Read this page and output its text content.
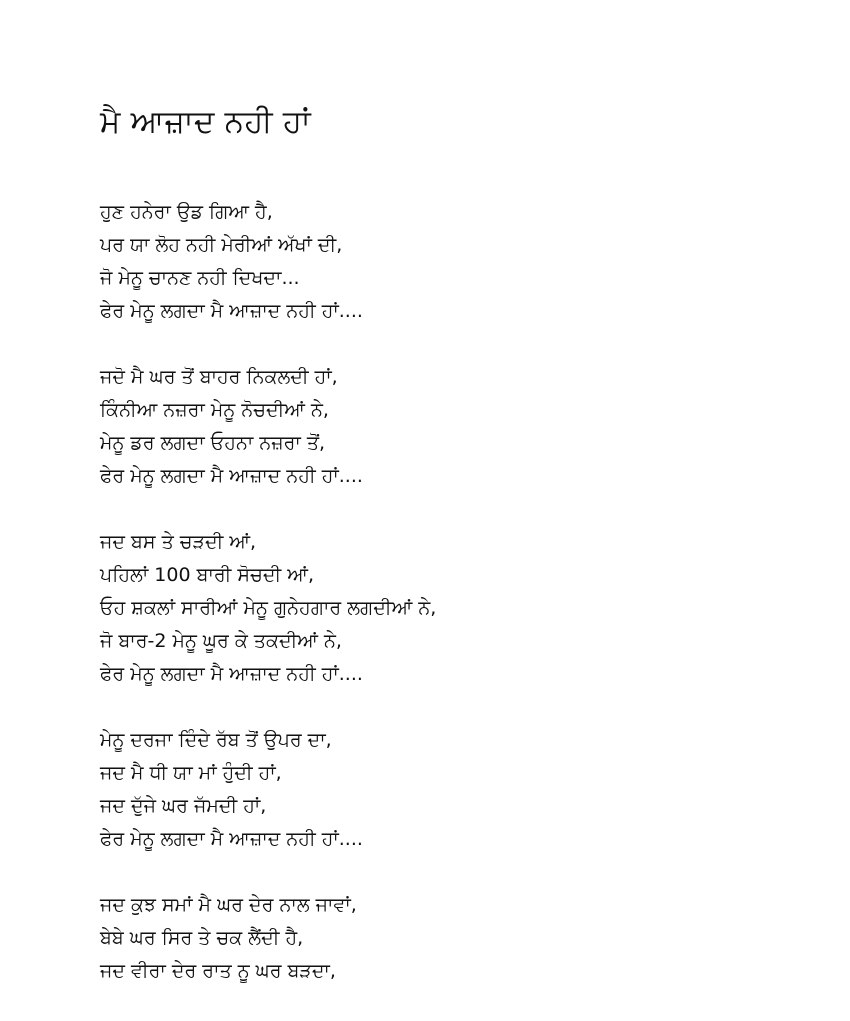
ਮੈ ਆਜ਼ਾਦ ਨਹੀ ਹਾਂ
ਹੁਣ ਹਨੇਰਾ ਉਡ ਗਿਆ ਹੈ,
ਪਰ ਯਾ ਲੋਹ ਨਹੀ ਮੇਰੀਆਂ ਅੱਖਾਂ ਦੀ,
ਜੋ ਮੇਨੂ ਚਾਨਣ ਨਹੀ ਦਿਖਦਾ...
ਫੇਰ ਮੇਨੂ ਲਗਦਾ ਮੈ ਆਜ਼ਾਦ ਨਹੀ ਹਾਂ....
ਜਦੋ ਮੈ ਘਰ ਤੋਂ ਬਾਹਰ ਨਿਕਲਦੀ ਹਾਂ,
ਕਿੰਨੀਆ ਨਜ਼ਰਾ ਮੇਨੂ ਨੋਚਦੀਆਂ ਨੇ,
ਮੇਨੂ ਡਰ ਲਗਦਾ ਓਹਨਾ ਨਜ਼ਰਾ ਤੋਂ,
ਫੇਰ ਮੇਨੂ ਲਗਦਾ ਮੈ ਆਜ਼ਾਦ ਨਹੀ ਹਾਂ....
ਜਦ ਬਸ ਤੇ ਚੜਦੀ ਆਂ,
ਪਹਿਲਾਂ 100 ਬਾਰੀ ਸੋਚਦੀ ਆਂ,
ਓਹ ਸ਼ਕਲਾਂ ਸਾਰੀਆਂ ਮੇਨੂ ਗੁਨੇਹਗਾਰ ਲਗਦੀਆਂ ਨੇ,
ਜੋ ਬਾਰ-2 ਮੇਨੂ ਘੂਰ ਕੇ ਤਕਦੀਆਂ ਨੇ,
ਫੇਰ ਮੇਨੂ ਲਗਦਾ ਮੈ ਆਜ਼ਾਦ ਨਹੀ ਹਾਂ....
ਮੇਨੂ ਦਰਜਾ ਦਿੰਦੇ ਰੱਬ ਤੋਂ ਉਪਰ ਦਾ,
ਜਦ ਮੈ ਧੀ ਯਾ ਮਾਂ ਹੁੰਦੀ ਹਾਂ,
ਜਦ ਦੁੱਜੇ ਘਰ ਜੱਮਦੀ ਹਾਂ,
ਫੇਰ ਮੇਨੂ ਲਗਦਾ ਮੈ ਆਜ਼ਾਦ ਨਹੀ ਹਾਂ....
ਜਦ ਕੁਝ ਸਮਾਂ ਮੈ ਘਰ ਦੇਰ ਨਾਲ ਜਾਵਾਂ,
ਬੇਬੇ ਘਰ ਸਿਰ ਤੇ ਚਕ ਲੈਂਦੀ ਹੈ,
ਜਦ ਵੀਰਾ ਦੇਰ ਰਾਤ ਨੂ ਘਰ ਬੜਦਾ,
